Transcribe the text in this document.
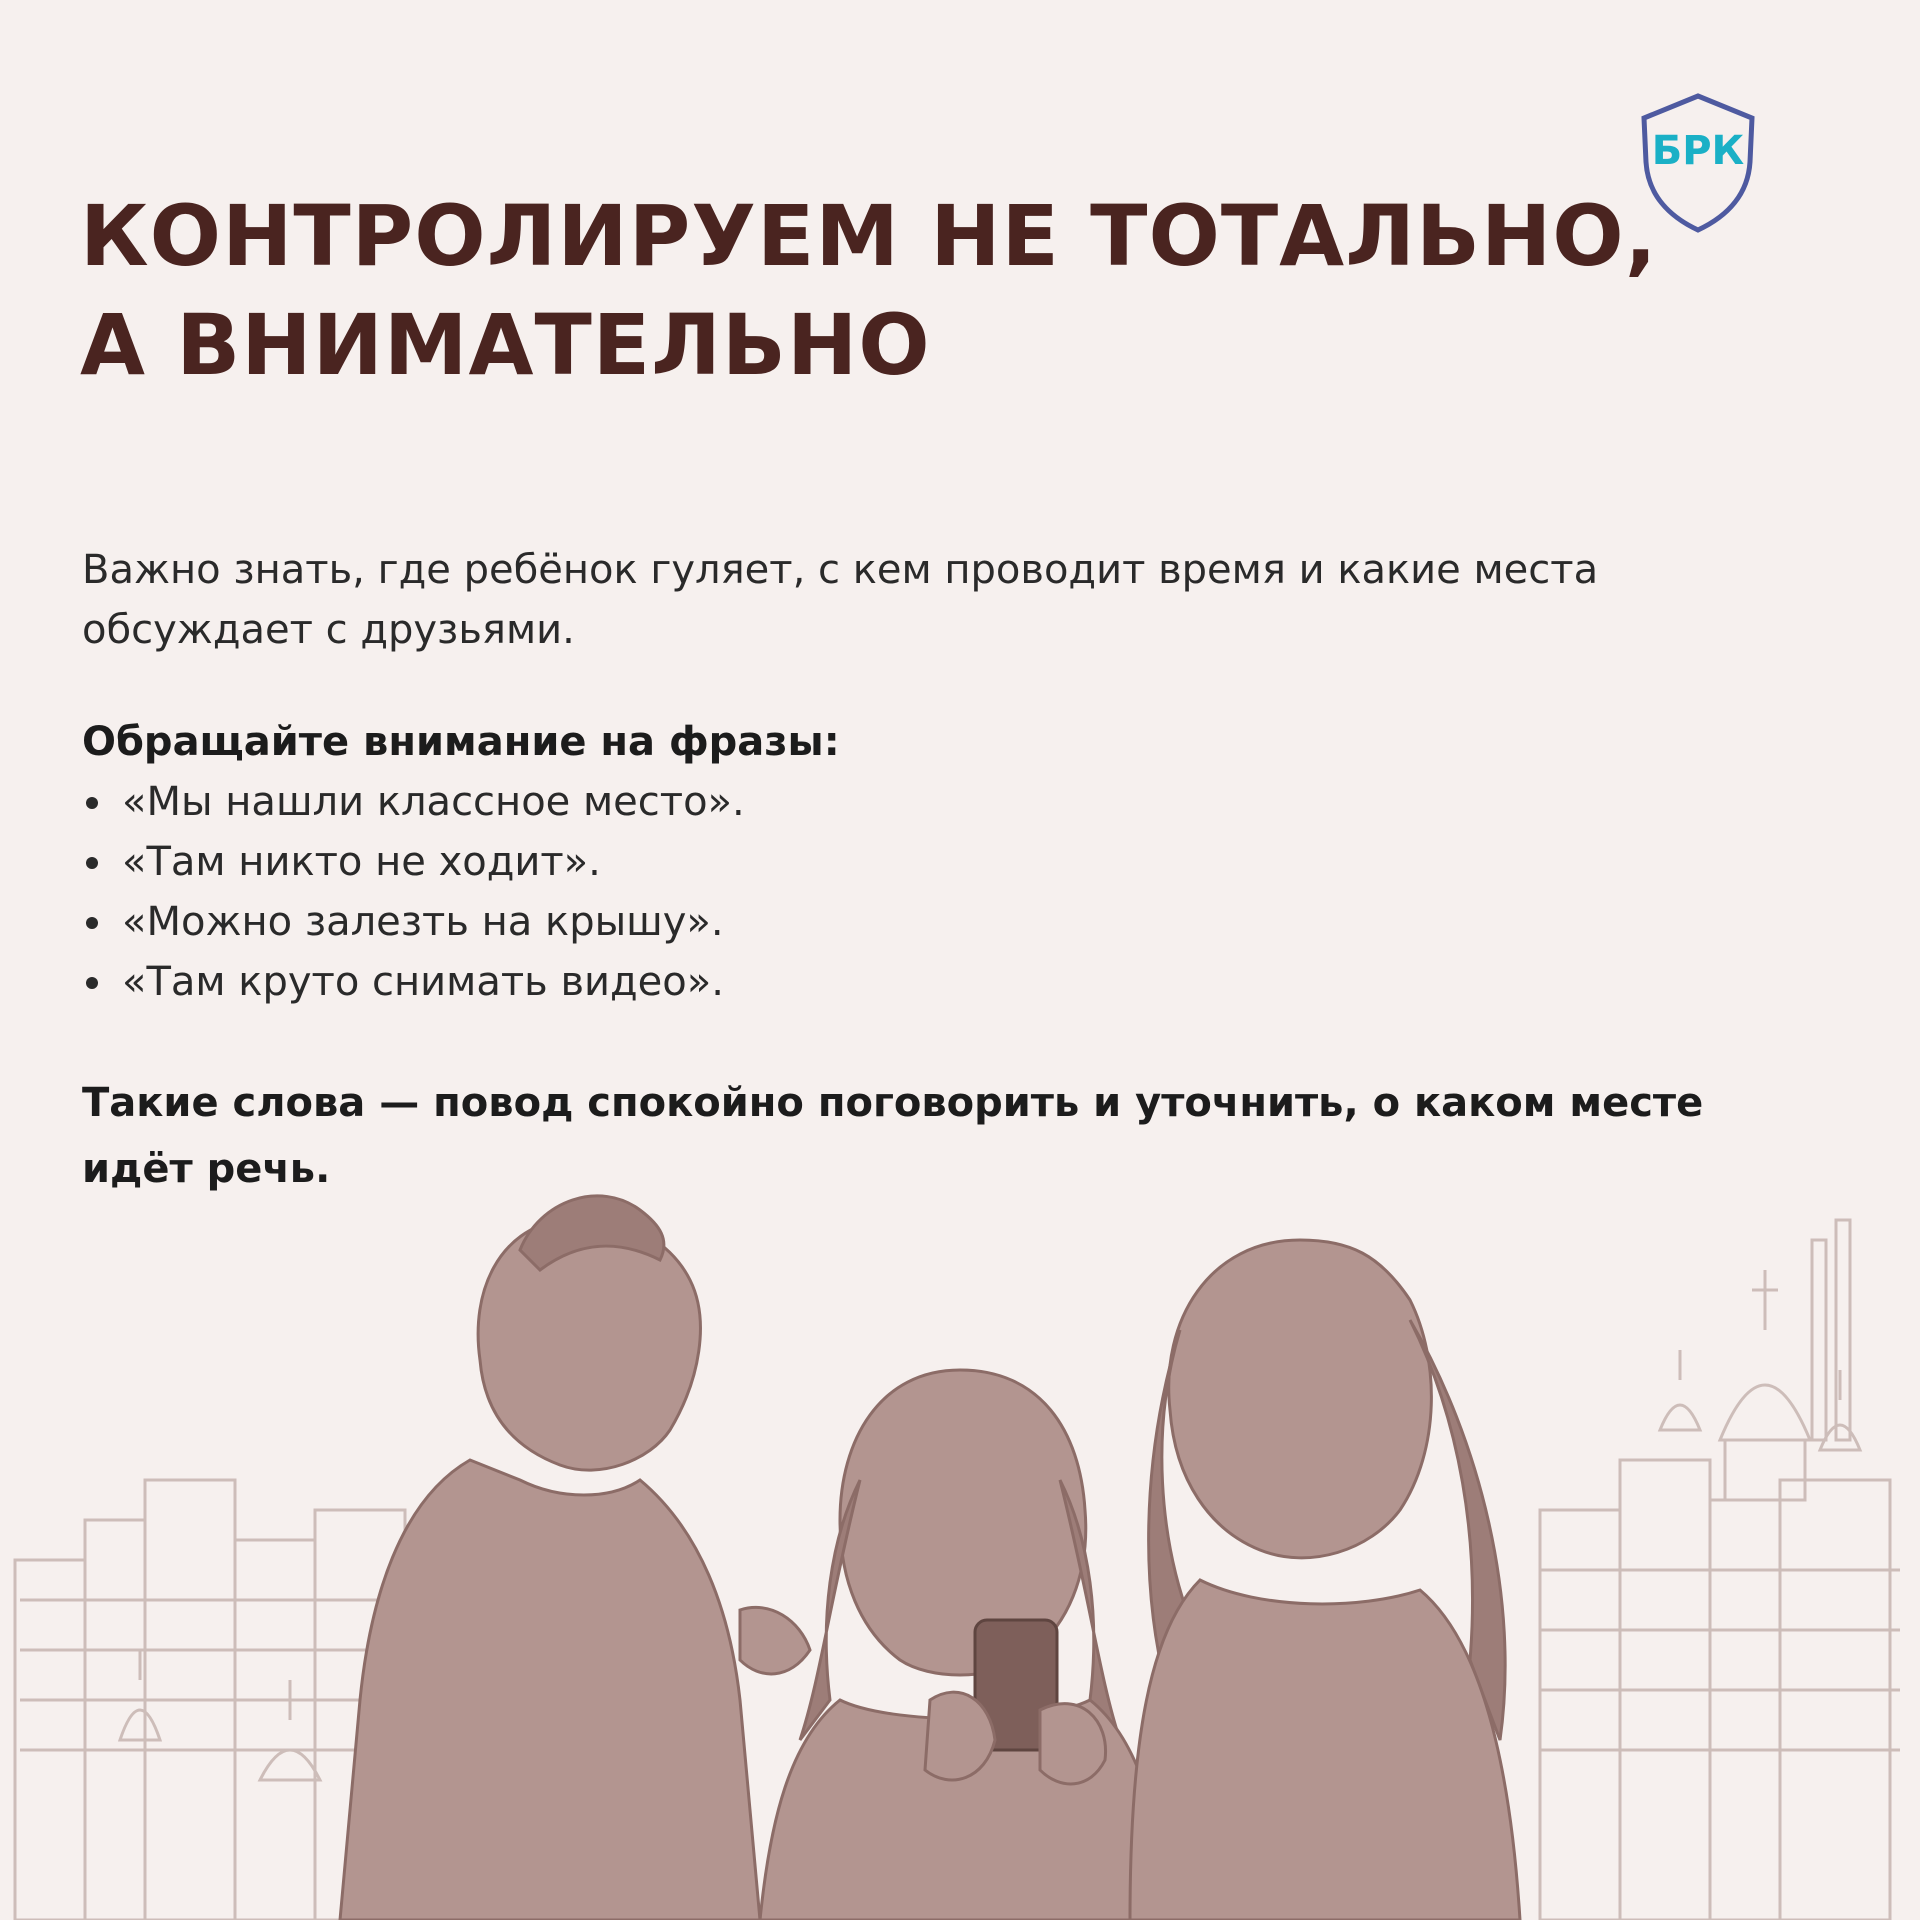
БРК
КОНТРОЛИРУЕМ НЕ ТОТАЛЬНО,
А ВНИМАТЕЛЬНО

Важно знать, где ребёнок гуляет, с кем проводит время и какие места обсуждает с друзьями.

Обращайте внимание на фразы:

«Мы нашли классное место».
«Там никто не ходит».
«Можно залезть на крышу».
«Там круто снимать видео».

Такие слова — повод спокойно поговорить и уточнить, о каком месте идёт речь.
